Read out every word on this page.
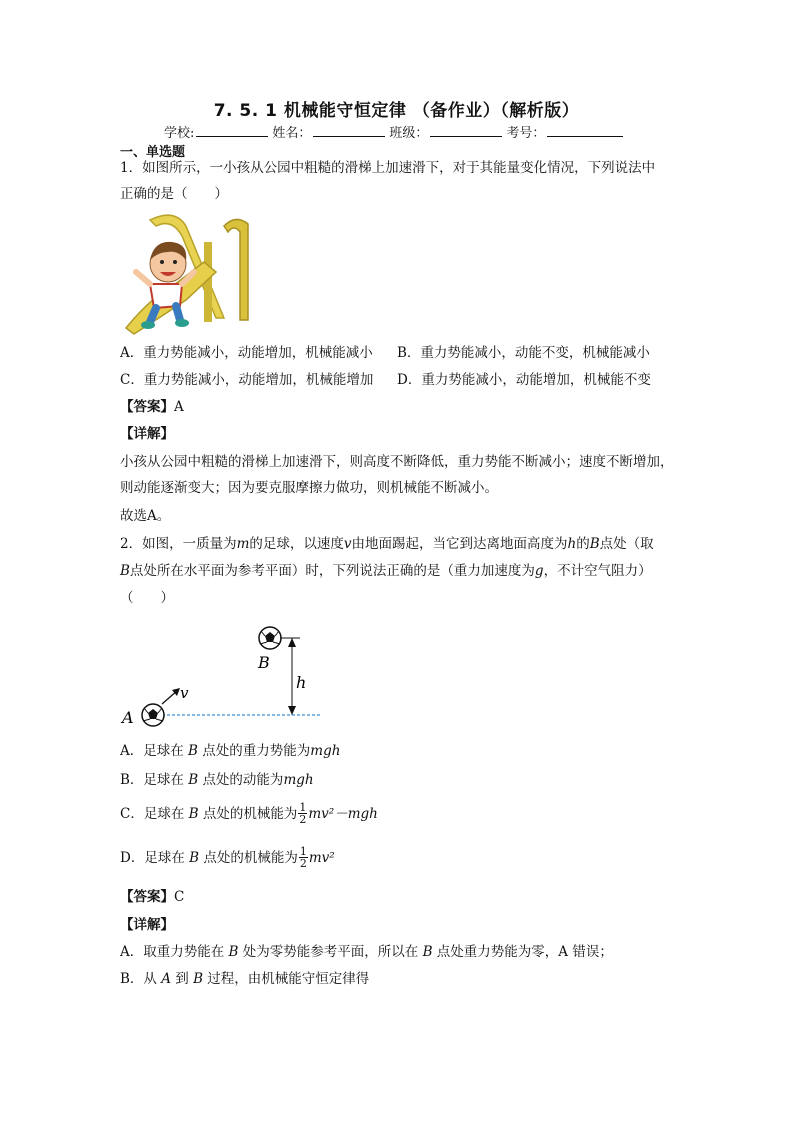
7. 5. 1 机械能守恒定律 （备作业）（解析版）
学校:	姓名：	班级：	考号：
一、单选题
1．如图所示，一小孩从公园中粗糙的滑梯上加速滑下，对于其能量变化情况，下列说法中
正确的是（　　）
A．重力势能减小，动能增加，机械能减小 B．重力势能减小，动能不变，机械能减小
C．重力势能减小，动能增加，机械能增加 D．重力势能减小，动能增加，机械能不变
【答案】A
【详解】
小孩从公园中粗糙的滑梯上加速滑下，则高度不断降低，重力势能不断减小；速度不断增加，
则动能逐渐变大；因为要克服摩擦力做功，则机械能不断减小。
故选A。
2．如图，一质量为m的足球，以速度v由地面踢起，当它到达离地面高度为h的B点处（取
B点处所在水平面为参考平面）时，下列说法正确的是（重力加速度为g，不计空气阻力）
（　　）
B
h
v
A
A．足球在 B 点处的重力势能为mgh
B．足球在 B 点处的动能为mgh
C ．足球在
B
点处的机械能为 $\frac{1}{2} mv^2 -mgh$
D ．足球在
B
点处的机械能为 $\frac{1}{2} mv^2$
【答案】C
【详解】
A．取重力势能在 B 处为零势能参考平面，所以在 B 点处重力势能为零，A 错误；
B．从 A 到 B 过程，由机械能守恒定律得
